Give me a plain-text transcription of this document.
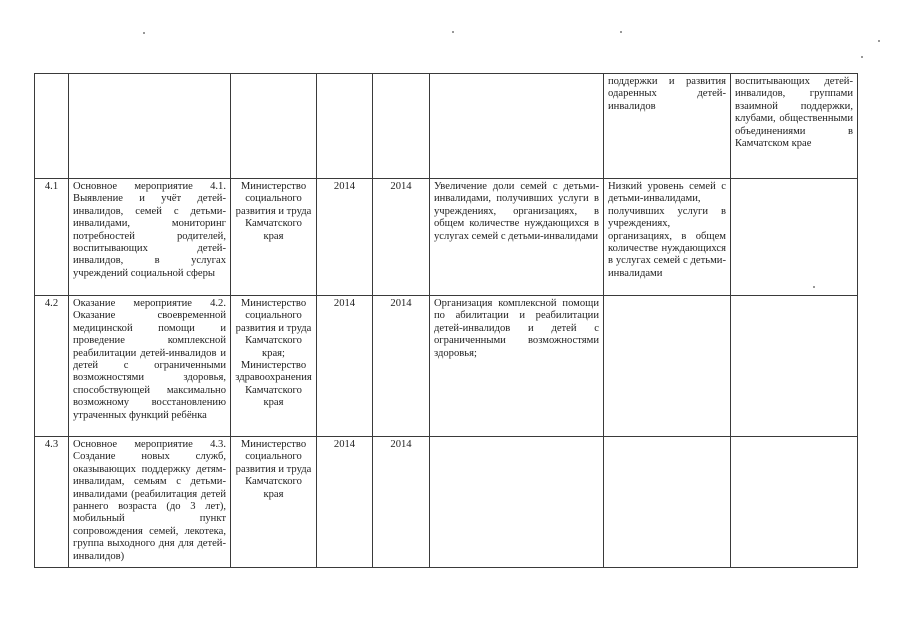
						поддержки и развития одаренных детей-инвалидов	воспитывающих детей-инвалидов, группами взаимной поддержки, клубами, общественными объединениями в Камчатском крае
4.1	Основное мероприятие 4.1. Выявление и учёт детей-инвалидов, семей с детьми-инвалидами, мониторинг потребностей родителей, воспитывающих детей-инвалидов, в услугах учреждений социальной сферы	Министерство социального развития и труда Камчатского края	2014	2014	Увеличение доли семей с детьми-инвалидами, получивших услуги в учреждениях, организациях, в общем количестве нуждающихся в услугах семей с детьми-инвалидами	Низкий уровень семей с детьми-инвалидами, получивших услуги в учреждениях, организациях, в общем количестве нуждающихся в услугах семей с детьми-инвалидами	
4.2	Оказание мероприятие 4.2. Оказание своевременной медицинской помощи и проведение комплексной реабилитации детей-инвалидов и детей с ограниченными возможностями здоровья, способствующей максимально возможному восстановлению утраченных функций ребёнка	Министерство социального развития и труда Камчатского края; Министерство здравоохранения Камчатского края	2014	2014	Организация комплексной помощи по абилитации и реабилитации детей-инвалидов и детей с ограниченными возможностями здоровья;		
4.3	Основное мероприятие 4.3. Создание новых служб, оказывающих поддержку детям-инвалидам, семьям с детьми-инвалидами (реабилитация детей раннего возраста (до 3 лет), мобильный пункт сопровождения семей, лекотека, группа выходного дня для детей-инвалидов)	Министерство социального развития и труда Камчатского края	2014	2014			
